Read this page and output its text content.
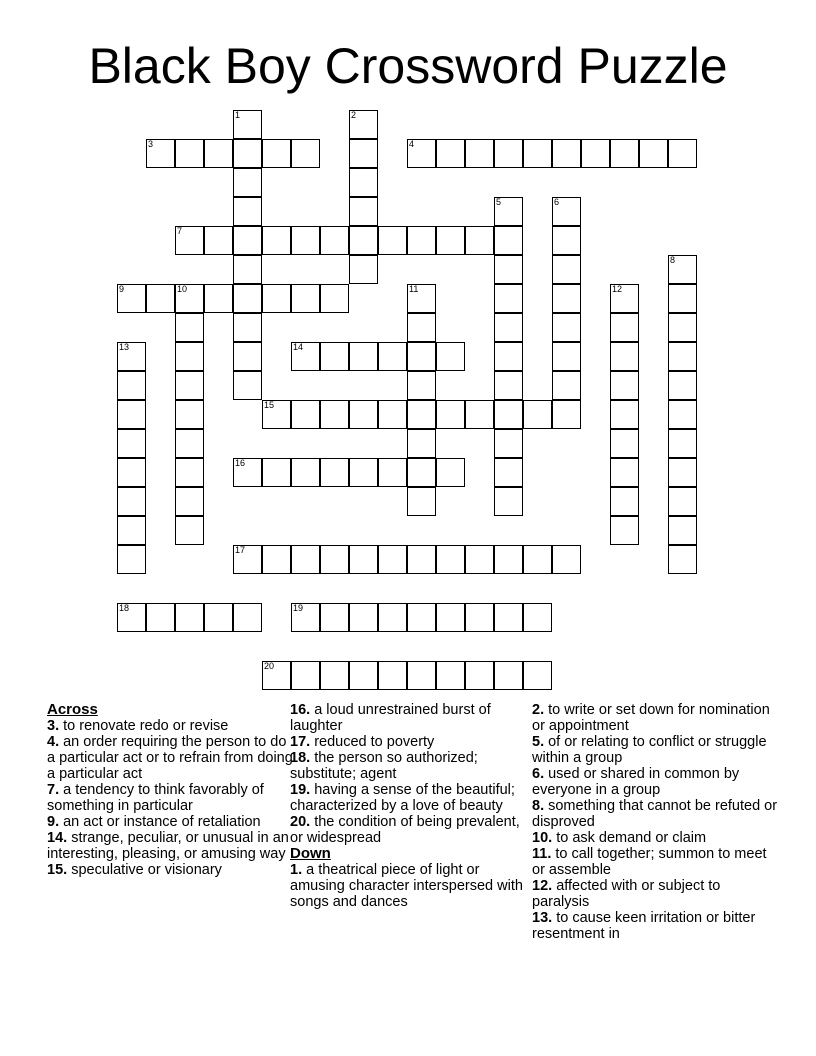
Black Boy Crossword Puzzle
1	2
3	4
5	6
7
8
9	10	11	12
13	14
15
16
17
18	19
20

Across

3. to renovate redo or revise

4. an order requiring the person to do a particular act or to refrain from doing a particular act

7. a tendency to think favorably of something in particular

9. an act or instance of retaliation

14. strange, peculiar, or unusual in an interesting, pleasing, or amusing way

15. speculative or visionary

16. a loud unrestrained burst of laughter

17. reduced to poverty

18. the person so authorized; substitute; agent

19. having a sense of the beautiful; characterized by a love of beauty

20. the condition of being prevalent, or widespread

Down

1. a theatrical piece of light or amusing character interspersed with songs and dances

2. to write or set down for nomination or appointment

5. of or relating to conflict or struggle within a group

6. used or shared in common by everyone in a group

8. something that cannot be refuted or disproved

10. to ask demand or claim

11. to call together; summon to meet or assemble

12. affected with or subject to paralysis

13. to cause keen irritation or bitter resentment in
